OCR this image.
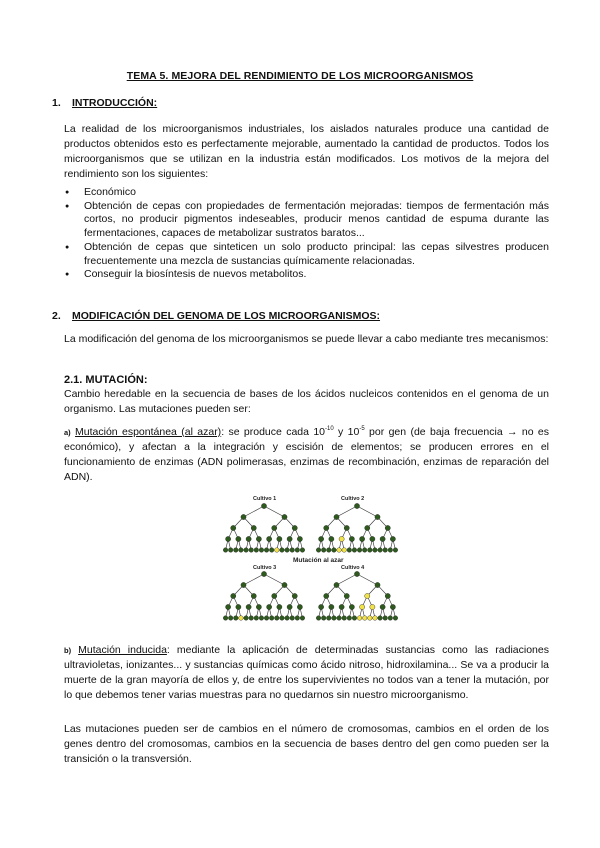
TEMA 5. MEJORA DEL RENDIMIENTO DE LOS MICROORGANISMOS
1. INTRODUCCIÓN:

La realidad de los microorganismos industriales, los aislados naturales produce una cantidad de productos obtenidos esto es perfectamente mejorable, aumentado la cantidad de productos. Todos los microorganismos que se utilizan en la industria están modificados. Los motivos de la mejora del rendimiento son los siguientes:

● Económico
● Obtención de cepas con propiedades de fermentación mejoradas: tiempos de fermentación más cortos, no producir pigmentos indeseables, producir menos cantidad de espuma durante las fermentaciones, capaces de metabolizar sustratos baratos...
● Obtención de cepas que sinteticen un solo producto principal: las cepas silvestres producen frecuentemente una mezcla de sustancias químicamente relacionadas.
● Conseguir la biosíntesis de nuevos metabolitos.
2. MODIFICACIÓN DEL GENOMA DE LOS MICROORGANISMOS:

La modificación del genoma de los microorganismos se puede llevar a cabo mediante tres mecanismos:

2.1. MUTACIÓN:

Cambio heredable en la secuencia de bases de los ácidos nucleicos contenidos en el genoma de un organismo. Las mutaciones pueden ser:

a) Mutación espontánea (al azar): se produce cada $10^{-10}$ y $10^{-5}$ por gen (de baja frecuencia → no es económico), y afectan a la integración y escisión de elementos; se producen errores en el funcionamiento de enzimas (ADN polimerasas, enzimas de recombinación, enzimas de reparación del ADN).

Cultivo 1	Cultivo 2
Mutación al azar
Cultivo 3	Cultivo 4

b) Mutación inducida: mediante la aplicación de determinadas sustancias como las radiaciones ultravioletas, ionizantes... y sustancias químicas como ácido nitroso, hidroxilamina... Se va a producir la muerte de la gran mayoría de ellos y, de entre los supervivientes no todos van a tener la mutación, por lo que debemos tener varias muestras para no quedarnos sin nuestro microorganismo.

Las mutaciones pueden ser de cambios en el número de cromosomas, cambios en el orden de los genes dentro del cromosomas, cambios en la secuencia de bases dentro del gen como pueden ser la transición o la transversión.
